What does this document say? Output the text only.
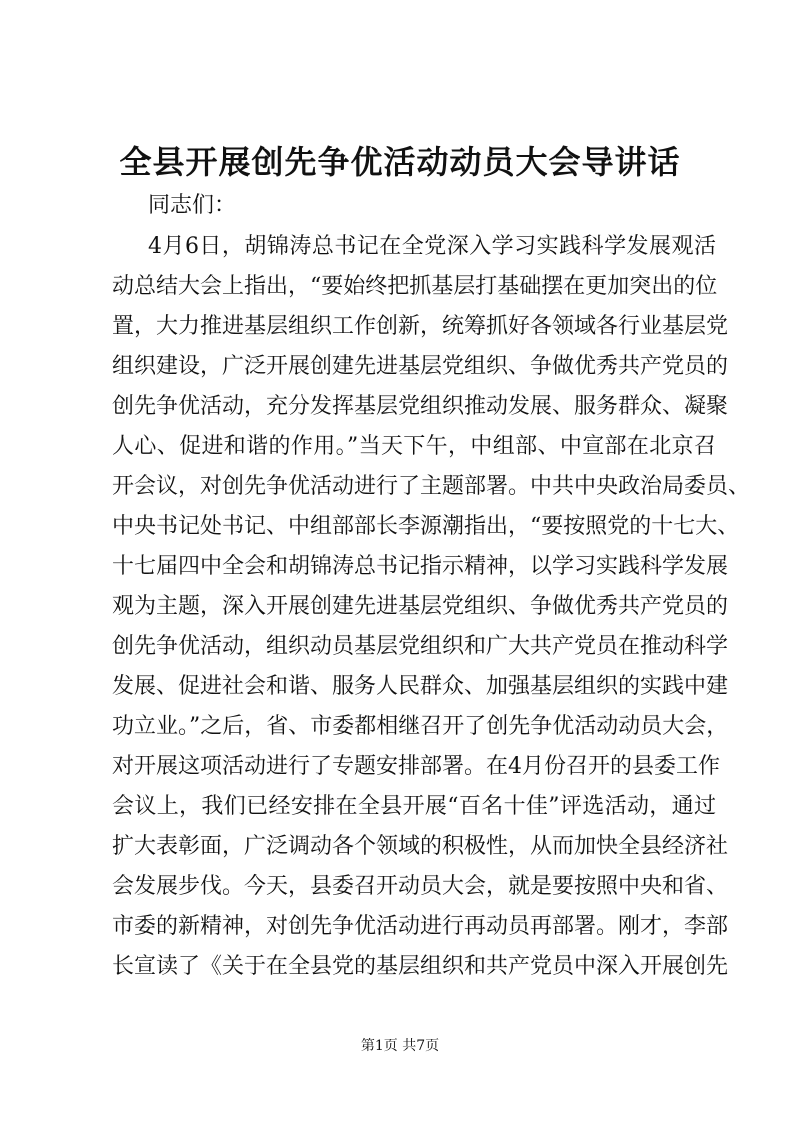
全县开展创先争优活动动员大会导讲话
同志们：
4月6日，胡锦涛总书记在全党深入学习实践科学发展观活
动总结大会上指出，“要始终把抓基层打基础摆在更加突出的位
置，大力推进基层组织工作创新，统筹抓好各领域各行业基层党
组织建设，广泛开展创建先进基层党组织、争做优秀共产党员的
创先争优活动，充分发挥基层党组织推动发展、服务群众、凝聚
人心、促进和谐的作用。”当天下午，中组部、中宣部在北京召
开会议，对创先争优活动进行了主题部署。中共中央政治局委员、
中央书记处书记、中组部部长李源潮指出，“要按照党的十七大、
十七届四中全会和胡锦涛总书记指示精神，以学习实践科学发展
观为主题，深入开展创建先进基层党组织、争做优秀共产党员的
创先争优活动，组织动员基层党组织和广大共产党员在推动科学
发展、促进社会和谐、服务人民群众、加强基层组织的实践中建
功立业。”之后，省、市委都相继召开了创先争优活动动员大会，
对开展这项活动进行了专题安排部署。在4月份召开的县委工作
会议上，我们已经安排在全县开展“百名十佳”评选活动，通过
扩大表彰面，广泛调动各个领域的积极性，从而加快全县经济社
会发展步伐。今天，县委召开动员大会，就是要按照中央和省、
市委的新精神，对创先争优活动进行再动员再部署。刚才，李部
长宣读了《关于在全县党的基层组织和共产党员中深入开展创先
第1页 共7页
